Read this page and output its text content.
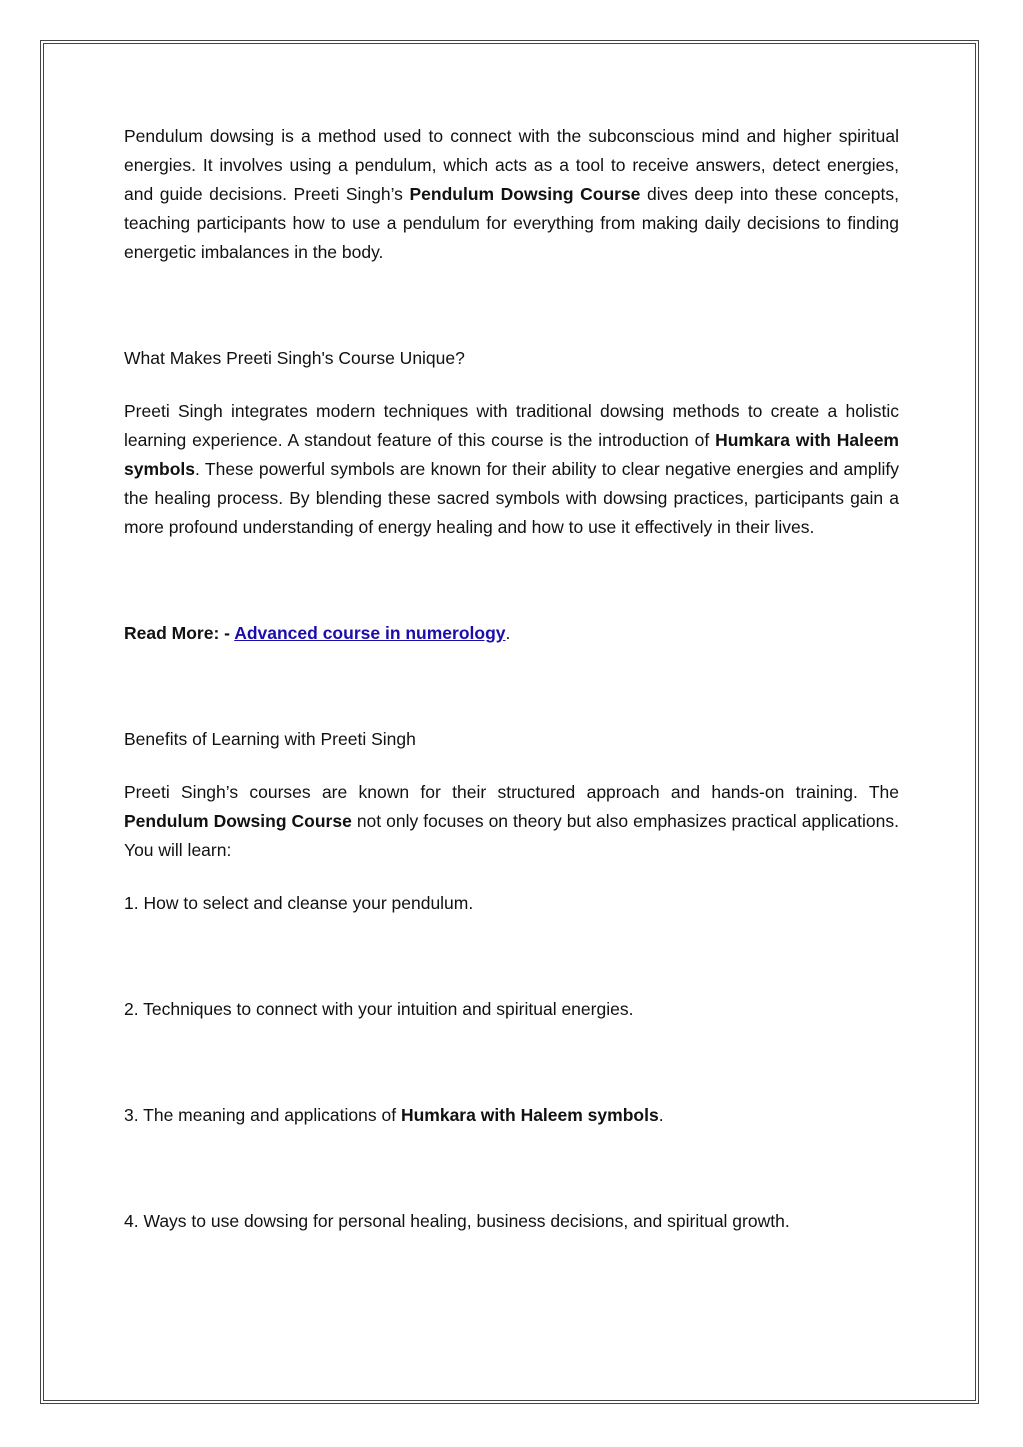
Pendulum dowsing is a method used to connect with the subconscious mind and higher spiritual energies. It involves using a pendulum, which acts as a tool to receive answers, detect energies, and guide decisions. Preeti Singh’s Pendulum Dowsing Course dives deep into these concepts, teaching participants how to use a pendulum for everything from making daily decisions to finding energetic imbalances in the body.

What Makes Preeti Singh's Course Unique?

Preeti Singh integrates modern techniques with traditional dowsing methods to create a holistic learning experience. A standout feature of this course is the introduction of Humkara with Haleem symbols. These powerful symbols are known for their ability to clear negative energies and amplify the healing process. By blending these sacred symbols with dowsing practices, participants gain a more profound understanding of energy healing and how to use it effectively in their lives.

Read More: - Advanced course in numerology.

Benefits of Learning with Preeti Singh

Preeti Singh’s courses are known for their structured approach and hands-on training. The Pendulum Dowsing Course not only focuses on theory but also emphasizes practical applications. You will learn:

1. How to select and cleanse your pendulum.

2. Techniques to connect with your intuition and spiritual energies.

3. The meaning and applications of Humkara with Haleem symbols.

4. Ways to use dowsing for personal healing, business decisions, and spiritual growth.
